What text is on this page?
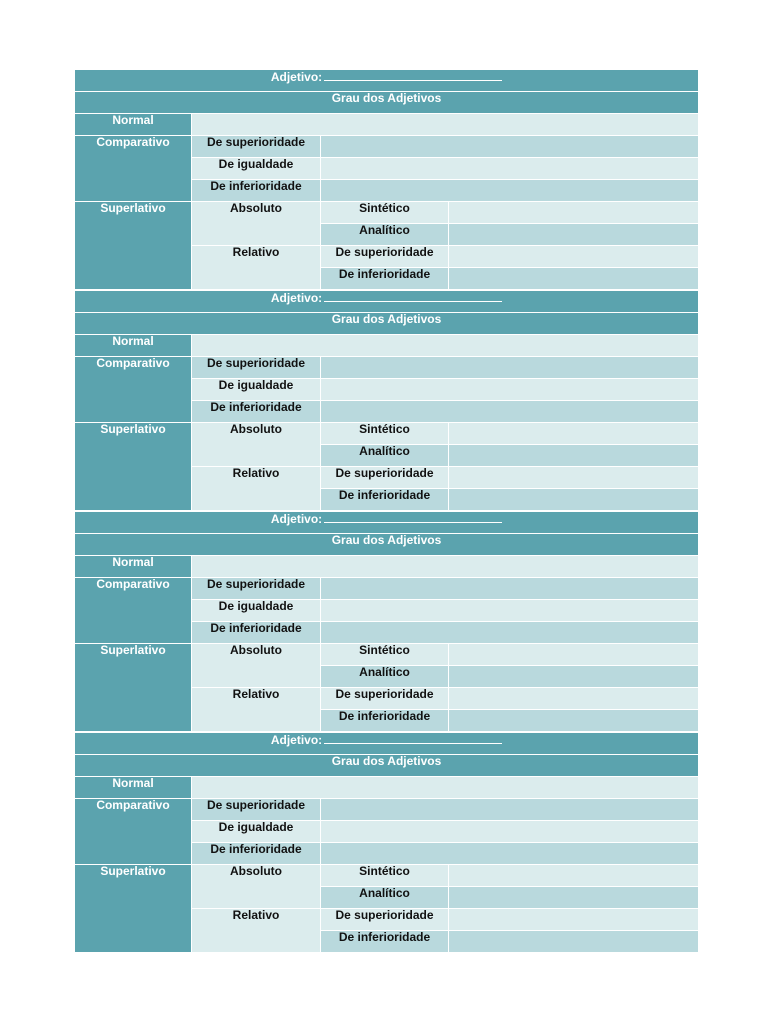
Adjetivo:			
Grau dos Adjetivos			
Normal			
Comparativo	De superioridade		
	De igualdade		
	De inferioridade		
Superlativo	Absoluto	Sintético	
		Analítico	
	Relativo	De superioridade	
		De inferioridade	
Adjetivo:			
Grau dos Adjetivos			
Normal			
Comparativo	De superioridade		
	De igualdade		
	De inferioridade		
Superlativo	Absoluto	Sintético	
		Analítico	
	Relativo	De superioridade	
		De inferioridade	
Adjetivo:			
Grau dos Adjetivos			
Normal			
Comparativo	De superioridade		
	De igualdade		
	De inferioridade		
Superlativo	Absoluto	Sintético	
		Analítico	
	Relativo	De superioridade	
		De inferioridade	
Adjetivo:			
Grau dos Adjetivos			
Normal			
Comparativo	De superioridade		
	De igualdade		
	De inferioridade		
Superlativo	Absoluto	Sintético	
		Analítico	
	Relativo	De superioridade	
		De inferioridade	
